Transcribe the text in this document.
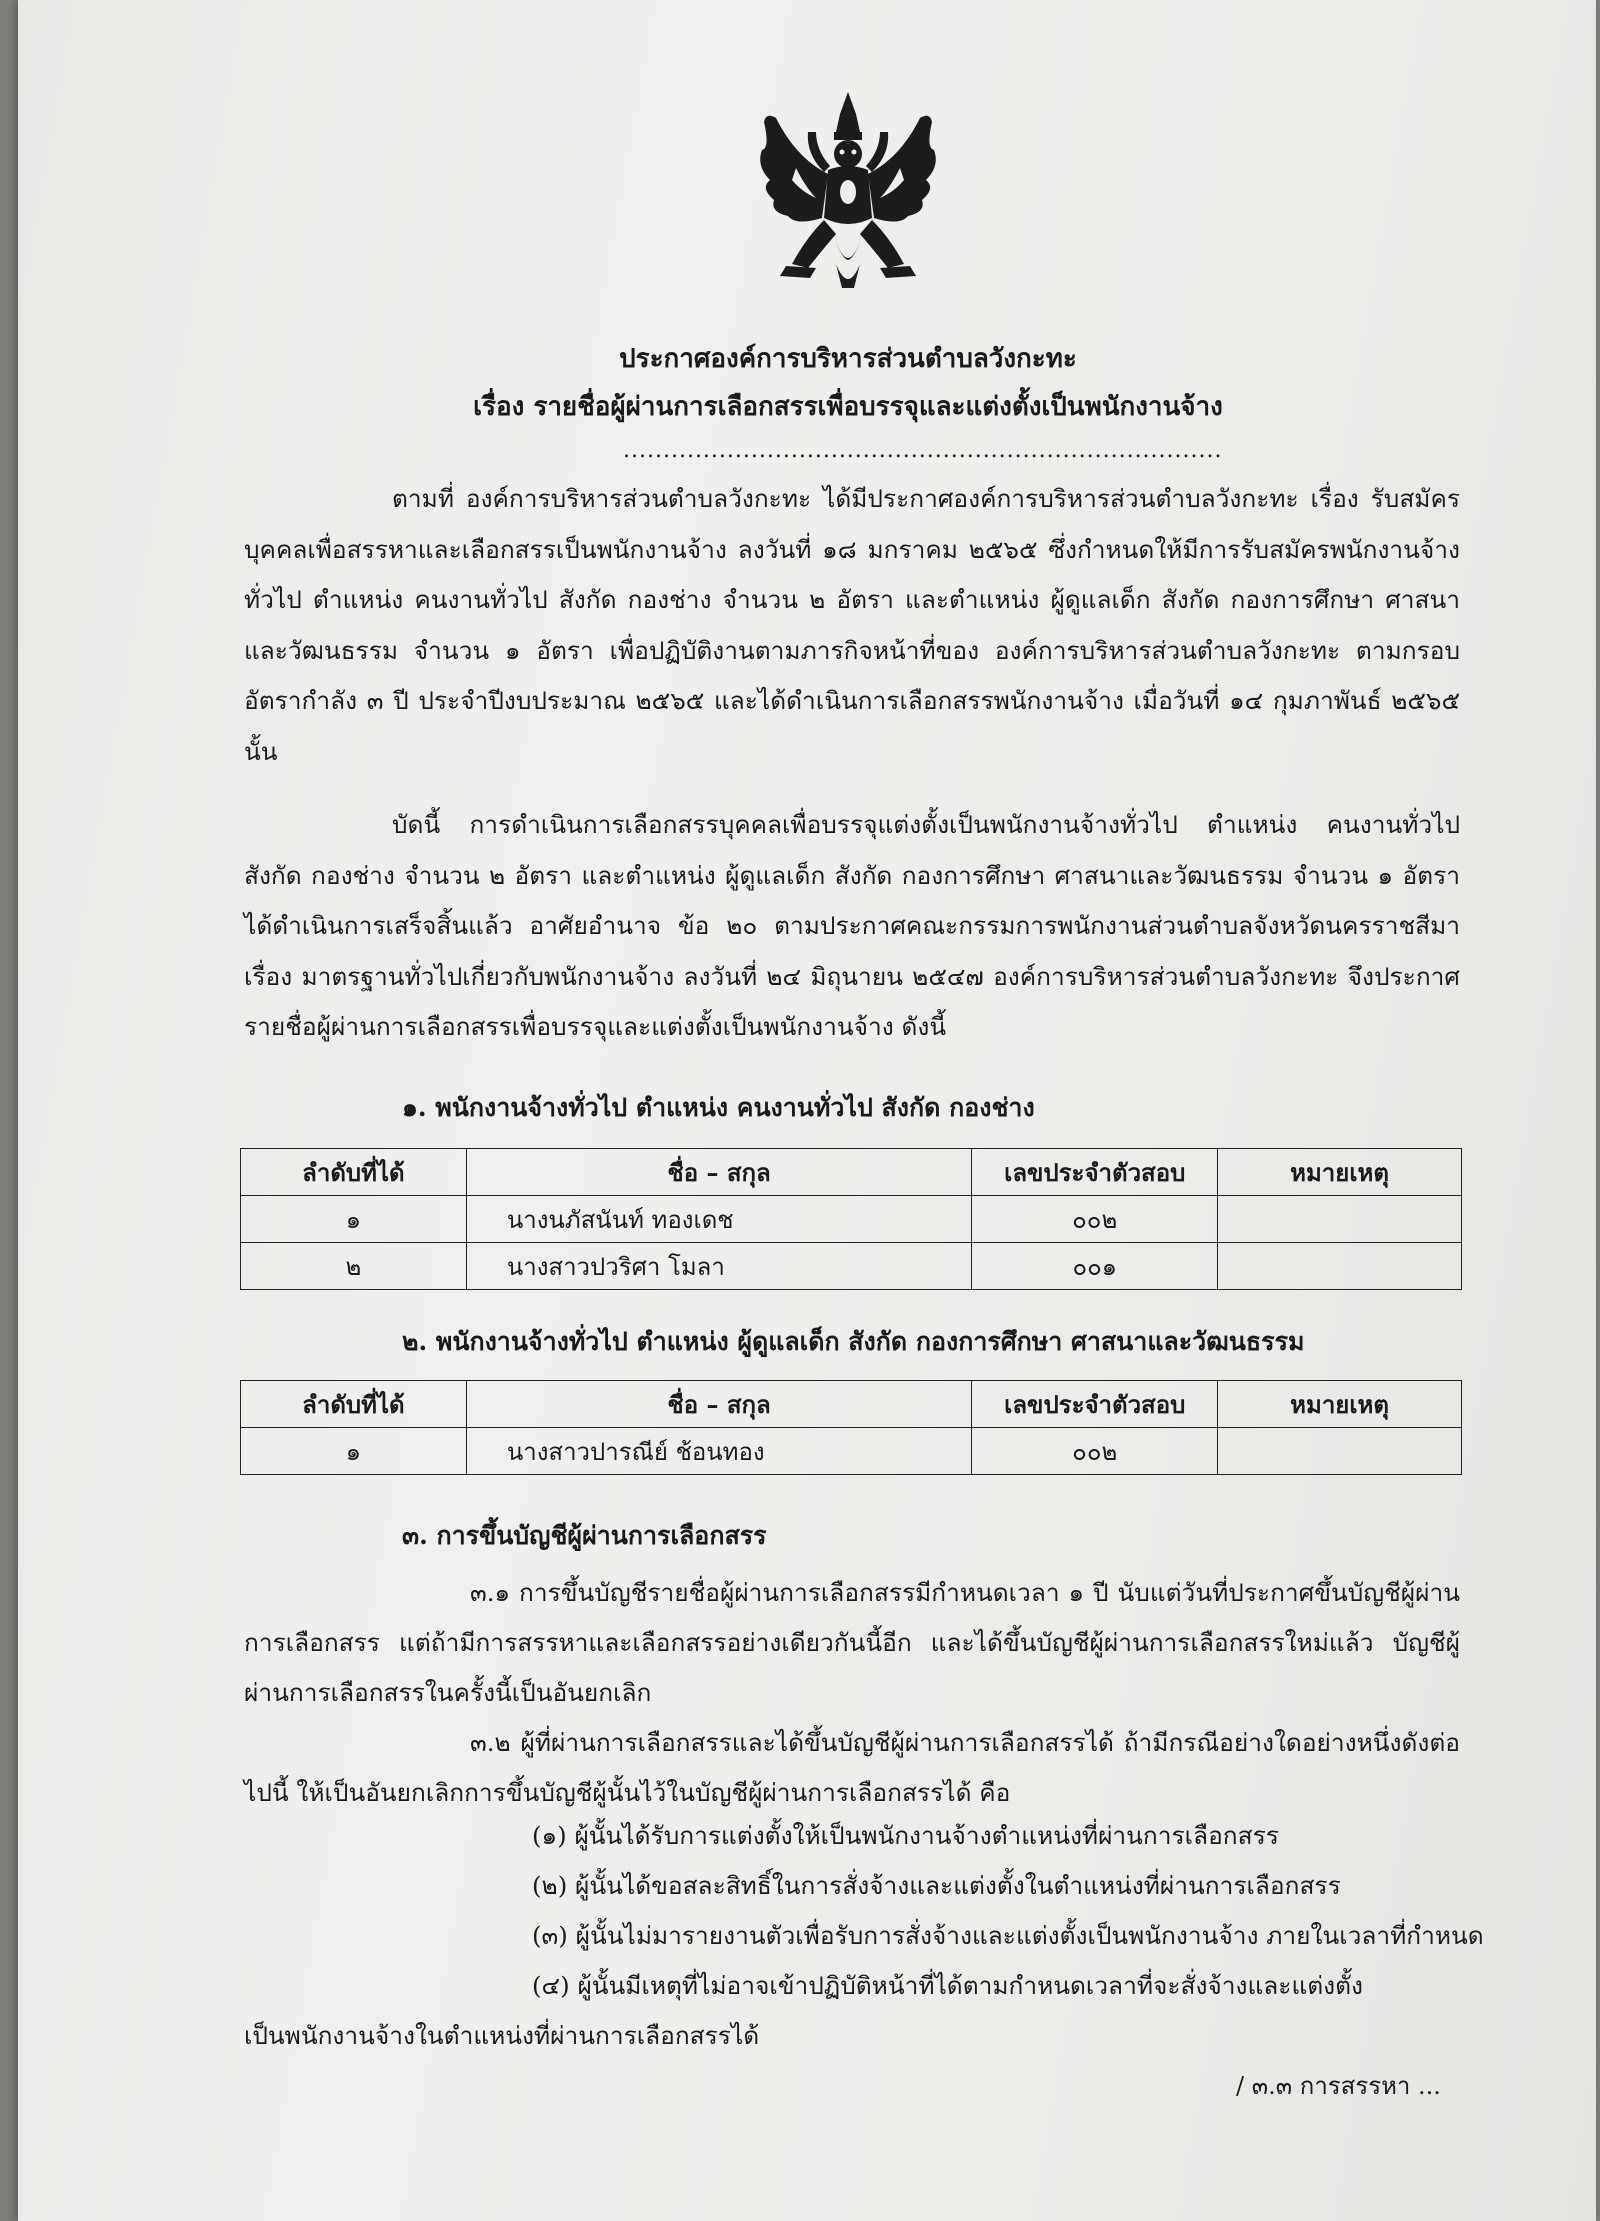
ประกาศองค์การบริหารส่วนตำบลวังกะทะ
เรื่อง รายชื่อผู้ผ่านการเลือกสรรเพื่อบรรจุและแต่งตั้งเป็นพนักงานจ้าง
...........................................................................
ตามที่ องค์การบริหารส่วนตำบลวังกะทะ ได้มีประกาศองค์การบริหารส่วนตำบลวังกะทะ เรื่อง รับสมัครบุคคลเพื่อสรรหาและเลือกสรรเป็นพนักงานจ้าง ลงวันที่ ๑๘ มกราคม ๒๕๖๕ ซึ่งกำหนดให้มีการรับสมัครพนักงานจ้างทั่วไป ตำแหน่ง คนงานทั่วไป สังกัด กองช่าง จำนวน ๒ อัตรา และตำแหน่ง ผู้ดูแลเด็ก สังกัด กองการศึกษา ศาสนาและวัฒนธรรม จำนวน ๑ อัตรา เพื่อปฏิบัติงานตามภารกิจหน้าที่ของ องค์การบริหารส่วนตำบลวังกะทะ ตามกรอบอัตรากำลัง ๓ ปี ประจำปีงบประมาณ ๒๕๖๕ และได้ดำเนินการเลือกสรรพนักงานจ้าง เมื่อวันที่ ๑๔ กุมภาพันธ์ ๒๕๖๕ นั้น
บัดนี้ การดำเนินการเลือกสรรบุคคลเพื่อบรรจุแต่งตั้งเป็นพนักงานจ้างทั่วไป ตำแหน่ง คนงานทั่วไป สังกัด กองช่าง จำนวน ๒ อัตรา และตำแหน่ง ผู้ดูแลเด็ก สังกัด กองการศึกษา ศาสนาและวัฒนธรรม จำนวน ๑ อัตรา ได้ดำเนินการเสร็จสิ้นแล้ว อาศัยอำนาจ ข้อ ๒๐ ตามประกาศคณะกรรมการพนักงานส่วนตำบลจังหวัดนครราชสีมา เรื่อง มาตรฐานทั่วไปเกี่ยวกับพนักงานจ้าง ลงวันที่ ๒๔ มิถุนายน ๒๕๔๗ องค์การบริหารส่วนตำบลวังกะทะ จึงประกาศรายชื่อผู้ผ่านการเลือกสรรเพื่อบรรจุและแต่งตั้งเป็นพนักงานจ้าง ดังนี้
๑. พนักงานจ้างทั่วไป ตำแหน่ง คนงานทั่วไป สังกัด กองช่าง
ลำดับที่ได้	ชื่อ – สกุล	เลขประจำตัวสอบ	หมายเหตุ
๑	นางนภัสนันท์ ทองเดช	๐๐๒	
๒	นางสาวปวริศา โมลา	๐๐๑	
๒. พนักงานจ้างทั่วไป ตำแหน่ง ผู้ดูแลเด็ก สังกัด กองการศึกษา ศาสนาและวัฒนธรรม
ลำดับที่ได้	ชื่อ – สกุล	เลขประจำตัวสอบ	หมายเหตุ
๑	นางสาวปารณีย์ ช้อนทอง	๐๐๒	
๓. การขึ้นบัญชีผู้ผ่านการเลือกสรร
๓.๑ การขึ้นบัญชีรายชื่อผู้ผ่านการเลือกสรรมีกำหนดเวลา ๑ ปี นับแต่วันที่ประกาศขึ้นบัญชีผู้ผ่านการเลือกสรร แต่ถ้ามีการสรรหาและเลือกสรรอย่างเดียวกันนี้อีก และได้ขึ้นบัญชีผู้ผ่านการเลือกสรรใหม่แล้ว บัญชีผู้ผ่านการเลือกสรรในครั้งนี้เป็นอันยกเลิก
๓.๒ ผู้ที่ผ่านการเลือกสรรและได้ขึ้นบัญชีผู้ผ่านการเลือกสรรได้ ถ้ามีกรณีอย่างใดอย่างหนึ่งดังต่อไปนี้ ให้เป็นอันยกเลิกการขึ้นบัญชีผู้นั้นไว้ในบัญชีผู้ผ่านการเลือกสรรได้ คือ
(๑) ผู้นั้นได้รับการแต่งตั้งให้เป็นพนักงานจ้างตำแหน่งที่ผ่านการเลือกสรร
(๒) ผู้นั้นได้ขอสละสิทธิ์ในการสั่งจ้างและแต่งตั้งในตำแหน่งที่ผ่านการเลือกสรร
(๓) ผู้นั้นไม่มารายงานตัวเพื่อรับการสั่งจ้างและแต่งตั้งเป็นพนักงานจ้าง ภายในเวลาที่กำหนด
(๔) ผู้นั้นมีเหตุที่ไม่อาจเข้าปฏิบัติหน้าที่ได้ตามกำหนดเวลาที่จะสั่งจ้างและแต่งตั้ง
เป็นพนักงานจ้างในตำแหน่งที่ผ่านการเลือกสรรได้
/ ๓.๓ การสรรหา ...
